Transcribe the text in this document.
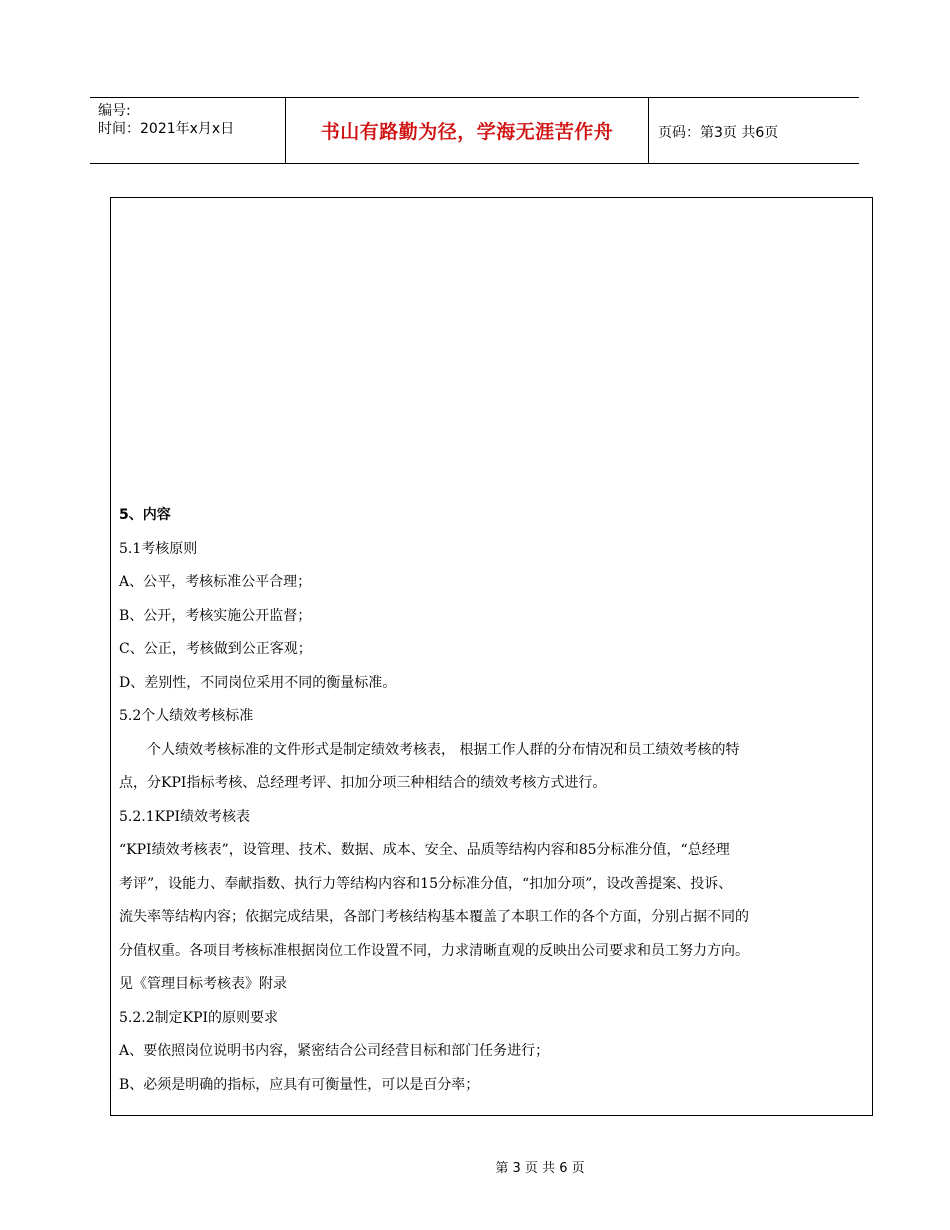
编号:
时间：2021年x月x日	书山有路勤为径，学海无涯苦作舟	页码：第3页 共6页
5、内容
5.1考核原则
A、公平，考核标准公平合理；
B、公开，考核实施公开监督；
C、公正，考核做到公正客观；
D、差别性，不同岗位采用不同的衡量标准。
5.2个人绩效考核标准
个人绩效考核标准的文件形式是制定绩效考核表， 根据工作人群的分布情况和员工绩效考核的特
点，分KPI指标考核、总经理考评、扣加分项三种相结合的绩效考核方式进行。
5.2.1KPI绩效考核表
“KPI绩效考核表”，设管理、技术、数据、成本、安全、品质等结构内容和85分标准分值，“总经理
考评”，设能力、奉献指数、执行力等结构内容和15分标准分值，“扣加分项”，设改善提案、投诉、
流失率等结构内容；依据完成结果，各部门考核结构基本覆盖了本职工作的各个方面，分别占据不同的
分值权重。各项目考核标准根据岗位工作设置不同，力求清晰直观的反映出公司要求和员工努力方向。
见《管理目标考核表》附录
5.2.2制定KPI的原则要求
A、要依照岗位说明书内容，紧密结合公司经营目标和部门任务进行；
B、必须是明确的指标，应具有可衡量性，可以是百分率；
第 3 页 共 6 页
